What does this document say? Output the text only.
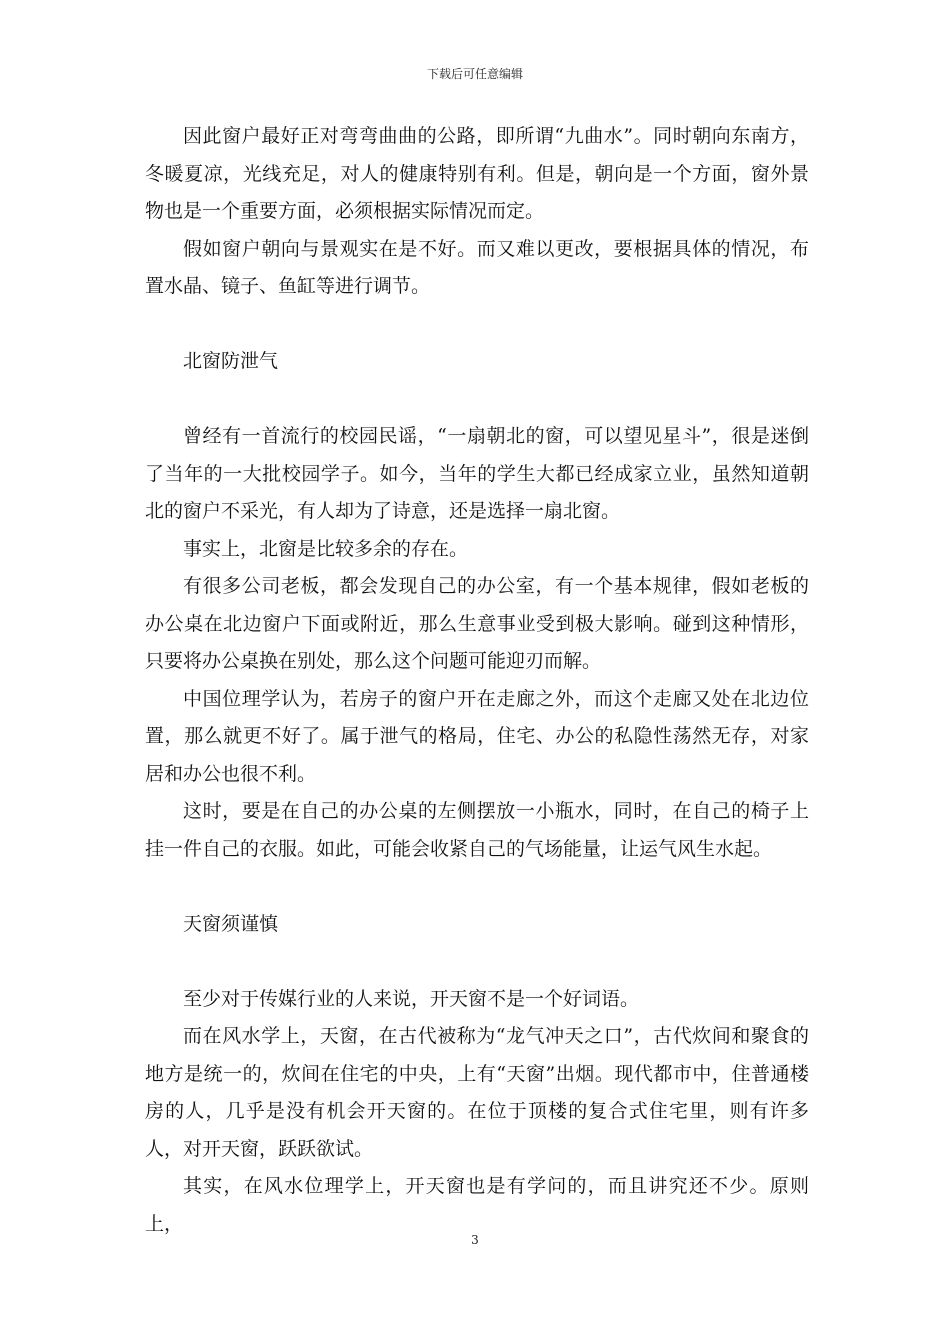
下载后可任意编辑

因此窗户最好正对弯弯曲曲的公路，即所谓“九曲水”。同时朝向东南方，冬暖夏凉，光线充足，对人的健康特别有利。但是，朝向是一个方面，窗外景物也是一个重要方面，必须根据实际情况而定。

假如窗户朝向与景观实在是不好。而又难以更改，要根据具体的情况，布置水晶、镜子、鱼缸等进行调节。

北窗防泄气

曾经有一首流行的校园民谣，“一扇朝北的窗，可以望见星斗”，很是迷倒了当年的一大批校园学子。如今，当年的学生大都已经成家立业，虽然知道朝北的窗户不采光，有人却为了诗意，还是选择一扇北窗。

事实上，北窗是比较多余的存在。

有很多公司老板，都会发现自己的办公室，有一个基本规律，假如老板的办公桌在北边窗户下面或附近，那么生意事业受到极大影响。碰到这种情形，只要将办公桌换在别处，那么这个问题可能迎刃而解。

中国位理学认为，若房子的窗户开在走廊之外，而这个走廊又处在北边位置，那么就更不好了。属于泄气的格局，住宅、办公的私隐性荡然无存，对家居和办公也很不利。

这时，要是在自己的办公桌的左侧摆放一小瓶水，同时，在自己的椅子上挂一件自己的衣服。如此，可能会收紧自己的气场能量，让运气风生水起。

天窗须谨慎

至少对于传媒行业的人来说，开天窗不是一个好词语。

而在风水学上，天窗，在古代被称为“龙气冲天之口”，古代炊间和聚食的地方是统一的，炊间在住宅的中央，上有“天窗”出烟。现代都市中，住普通楼房的人，几乎是没有机会开天窗的。在位于顶楼的复合式住宅里，则有许多人，对开天窗，跃跃欲试。

其实，在风水位理学上，开天窗也是有学问的，而且讲究还不少。原则上，

3
